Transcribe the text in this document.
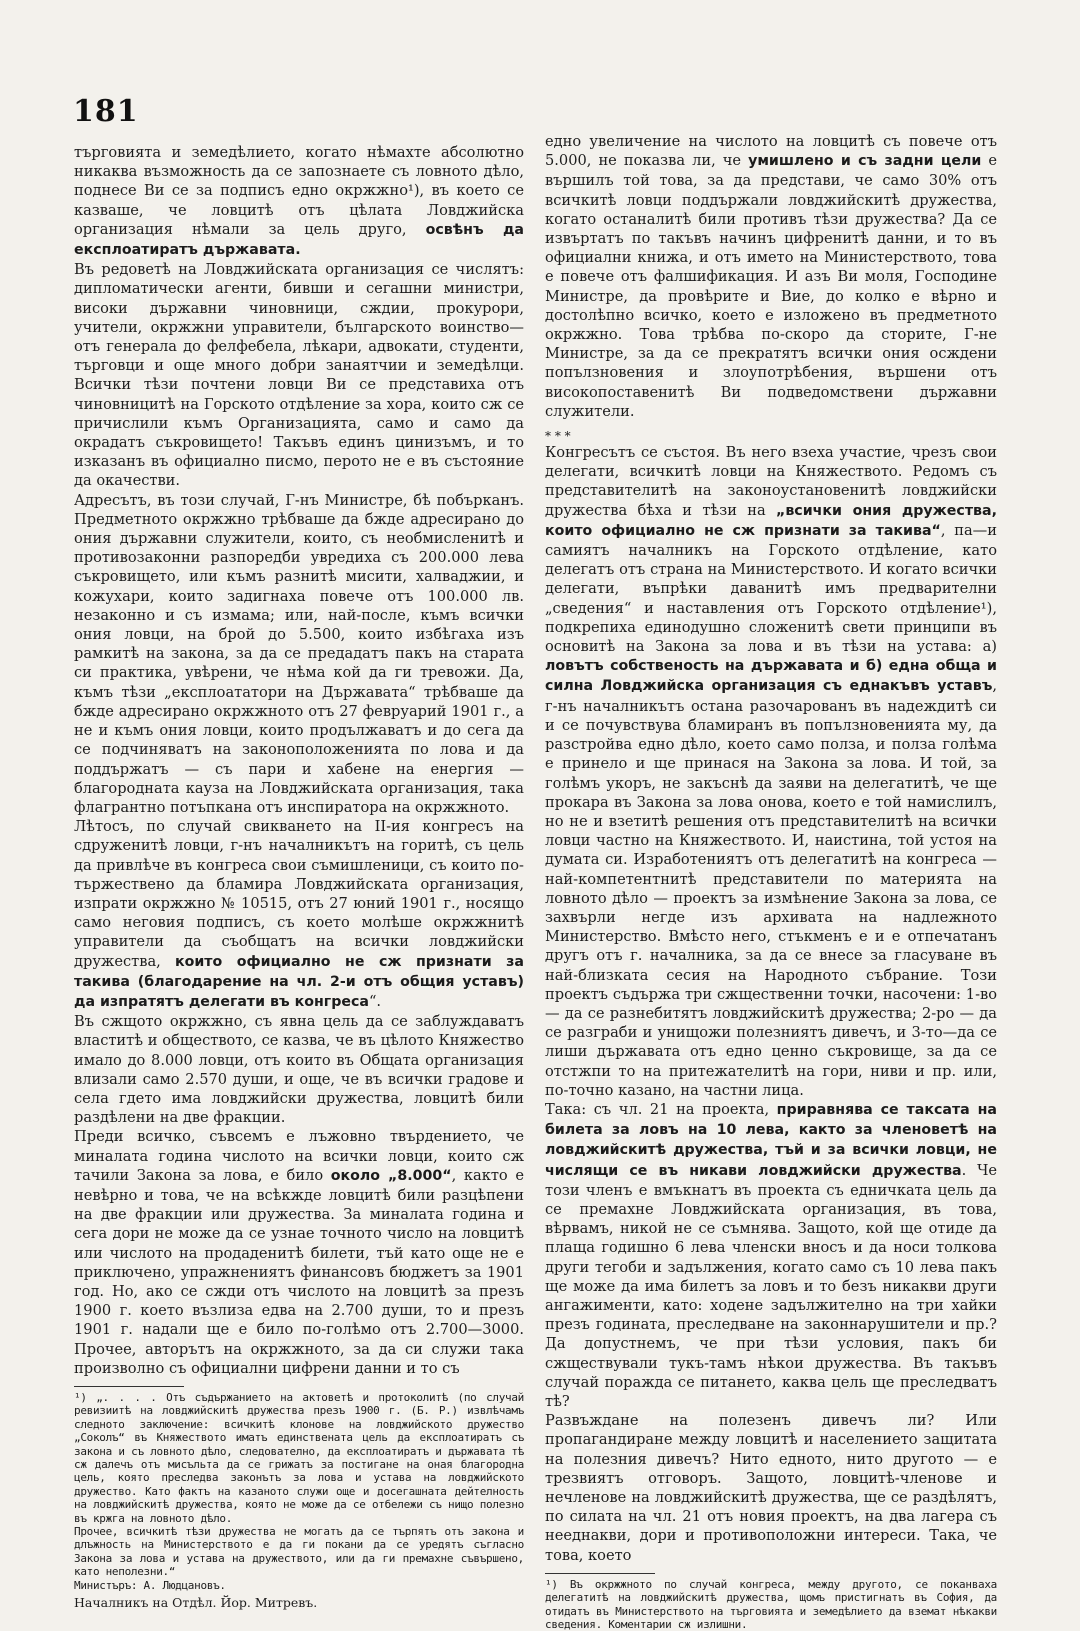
181

търговията и земедѣлието, когато нѣмахте абсолютно никаква възможность да се запознаете съ ловното дѣло, поднесе Ви се за подписъ едно окржжно¹), въ което се казваше, че ловцитѣ отъ цѣлата Ловджийска организация нѣмали за цель друго, освѣнъ да експлоатиратъ държавата.

Въ редоветѣ на Ловджийската организация се числятъ: дипломатически агенти, бивши и сегашни министри, високи държавни чиновници, сждии, прокурори, учители, окржжни управители, българското воинство—отъ генерала до фелфебела, лѣкари, адвокати, студенти, търговци и още много добри занаятчии и земедѣлци. Всички тѣзи почтени ловци Ви се представиха отъ чиновницитѣ на Горското отдѣление за хора, които сж се причислили къмъ Организацията, само и само да окрадатъ съкровището! Такъвъ единъ цинизъмъ, и то изказанъ въ официално писмо, перото не е въ състояние да окачестви.

Адресътъ, въ този случай, Г-нъ Министре, бѣ побърканъ. Предметното окржжно трѣбваше да бжде адресирано до ония държавни служители, които, съ необмисленитѣ и противозаконни разпоредби увредиха съ 200.000 лева съкровището, или къмъ разнитѣ мисити, халваджии, и кожухари, които задигнаха повече отъ 100.000 лв. незаконно и съ измама; или, най-после, къмъ всички ония ловци, на брой до 5.500, които избѣгаха изъ рамкитѣ на закона, за да се предадатъ пакъ на старата си практика, увѣрени, че нѣма кой да ги тревожи. Да, къмъ тѣзи „експлоататори на Държавата“ трѣбваше да бжде адресирано окржжното отъ 27 февруарий 1901 г., а не и къмъ ония ловци, които продължаватъ и до сега да се подчиняватъ на законоположенията по лова и да поддържатъ — съ пари и хабене на енергия — благородната кауза на Ловджийската организация, така флагрантно потъпкана отъ инспиратора на окржжното.

Лѣтосъ, по случай свикването на II-ия конгресъ на сдруженитѣ ловци, г-нъ началникътъ на горитѣ, съ цель да привлѣче въ конгреса свои съмишленици, съ които по-тържествено да бламира Ловджийската организация, изпрати окржжно № 10515, отъ 27 юний 1901 г., носящо само неговия подписъ, съ което молѣше окржжнитѣ управители да съобщатъ на всички ловджийски дружества, които официално не сж признати за такива (благодарение на чл. 2-и отъ общия уставъ) да изпратятъ делегати въ конгреса“.

Въ сжщото окржжно, съ явна цель да се заблуждаватъ властитѣ и обществото, се казва, че въ цѣлото Княжество имало до 8.000 ловци, отъ които въ Общата организация влизали само 2.570 души, и още, че въ всички градове и села гдето има ловджийски дружества, ловцитѣ били раздѣлени на две фракции.

Преди всичко, съвсемъ е лъжовно твърдението, че миналата година числото на всички ловци, които сж тачили Закона за лова, е било около „8.000“, както е невѣрно и това, че на всѣкжде ловцитѣ били разцѣпени на две фракции или дружества. За миналата година и сега дори не може да се узнае точното число на ловцитѣ или числото на продаденитѣ билети, тъй като още не е приключено, упражнениятъ финансовъ бюджетъ за 1901 год. Но, ако се сжди отъ числото на ловцитѣ за презъ 1900 г. което възлиза едва на 2.700 души, то и презъ 1901 г. надали ще е било по-голѣмо отъ 2.700—3000. Прочее, авторътъ на окржжното, за да си служи така произволно съ официални цифрени данни и то съ

¹) „. . . . Отъ съдържанието на актоветѣ и протоколитѣ (по случай ревизиитѣ на ловджийскитѣ дружества презъ 1900 г. (Б. Р.) извлѣчамъ следното заключение: всичкитѣ клонове на ловджийското дружество „Соколъ“ въ Княжеството иматъ единствената цель да експлоатиратъ съ закона и съ ловното дѣло, следователно, да експлоатиратъ и държавата тѣ сж далечъ отъ мисъльта да се грижатъ за постигане на оная благородна цель, която преследва законътъ за лова и устава на ловджийското дружество. Като фактъ на казаното служи още и досегашната дейтелность на ловджийскитѣ дружества, която не може да се отбележи съ нищо полезно въ кржга на ловното дѣло.

Прочее, всичкитѣ тѣзи дружества не могатъ да се търпятъ отъ закона и длъжность на Министерството е да ги покани да се уредятъ съгласно Закона за лова и устава на дружеството, или да ги премахне съвършено, като неполезни.“

Министъръ: А. Людцановъ.

Началникъ на Отдѣл. Йор. Митревъ.

едно увеличение на числото на ловцитѣ съ повече отъ 5.000, не показва ли, че умишлено и съ задни цели е вършилъ той това, за да представи, че само 30% отъ всичкитѣ ловци поддържали ловджийскитѣ дружества, когато останалитѣ били противъ тѣзи дружества? Да се извъртатъ по такъвъ начинъ цифренитѣ данни, и то въ официални книжа, и отъ името на Министерството, това е повече отъ фалшификация. И азъ Ви моля, Господине Министре, да провѣрите и Вие, до колко е вѣрно и достолѣпно всичко, което е изложено въ предметното окржжно. Това трѣбва по-скоро да сторите, Г-не Министре, за да се прекратятъ всички ония осждени попълзновения и злоупотрѣбения, вършени отъ високопоставенитѣ Ви подведомствени държавни служители.

* * *

Конгресътъ се състоя. Въ него взеха участие, чрезъ свои делегати, всичкитѣ ловци на Княжеството. Редомъ съ представителитѣ на законоустановенитѣ ловджийски дружества бѣха и тѣзи на „всички ония дружества, които официално не сж признати за такива“, па—и самиятъ началникъ на Горското отдѣление, като делегатъ отъ страна на Министерството. И когато всички делегати, въпрѣки даванитѣ имъ предварителни „сведения“ и наставления отъ Горското отдѣление¹), подкрепиха единодушно сложенитѣ свети принципи въ основитѣ на Закона за лова и въ тѣзи на устава: а) ловътъ собственость на държавата и б) една обща и силна Ловджийска организация съ еднакъвъ уставъ, г-нъ началникътъ остана разочарованъ въ надеждитѣ си и се почувствува бламиранъ въ попълзновенията му, да разстройва едно дѣло, което само полза, и полза голѣма е принело и ще принася на Закона за лова. И той, за голѣмъ укоръ, не закъснѣ да заяви на делегатитѣ, че ще прокара въ Закона за лова онова, което е той намислилъ, но не и взетитѣ решения отъ представителитѣ на всички ловци частно на Княжеството. И, наистина, той устоя на думата си. Изработениятъ отъ делегатитѣ на конгреса — най-компетентнитѣ представители по материята на ловното дѣло — проектъ за измѣнение Закона за лова, се захвърли негде изъ архивата на надлежното Министерство. Вмѣсто него, стъкменъ е и е отпечатанъ другъ отъ г. началника, за да се внесе за гласуване въ най-близката сесия на Народното събрание. Този проектъ съдържа три сжщественни точки, насочени: 1-во — да се разнебитятъ ловджийскитѣ дружества; 2-ро — да се разграби и унищожи полезниятъ дивечъ, и 3-то—да се лиши държавата отъ едно ценно съкровище, за да се отстжпи то на притежателитѣ на гори, ниви и пр. или, по-точно казано, на частни лица.

Така: съ чл. 21 на проекта, приравнява се таксата на билета за ловъ на 10 лева, както за членоветѣ на ловджийскитѣ дружества, тъй и за всички ловци, не числящи се въ никави ловджийски дружества. Че този членъ е вмъкнатъ въ проекта съ едничката цель да се премахне Ловджийската организация, въ това, вѣрвамъ, никой не се съмнява. Защото, кой ще отиде да плаща годишно 6 лева членски вносъ и да носи толкова други тегоби и задължения, когато само съ 10 лева пакъ ще може да има билетъ за ловъ и то безъ никакви други ангажименти, като: ходене задължително на три хайки презъ годината, преследване на законнарушители и пр.? Да допустнемъ, че при тѣзи условия, пакъ би сжществували тукъ-тамъ нѣкои дружества. Въ такъвъ случай поражда се питането, каква цель ще преследватъ тѣ?

Развъждане на полезенъ дивечъ ли? Или пропагандиране между ловцитѣ и населението защитата на полезния дивечъ? Нито едното, нито другото — е трезвиятъ отговоръ. Защото, ловцитѣ-членове и нечленове на ловджийскитѣ дружества, ще се раздѣлятъ, по силата на чл. 21 отъ новия проектъ, на два лагера съ нееднакви, дори и противоположни интереси. Така, че това, което

¹) Въ окржжното по случай конгреса, между другото, се поканваха делегатитѣ на ловджийскитѣ дружества, щомъ пристигнатъ въ София, да отидатъ въ Министерството на търговията и земедѣлието да вземат нѣкакви сведения. Коментарии сж излишни.
